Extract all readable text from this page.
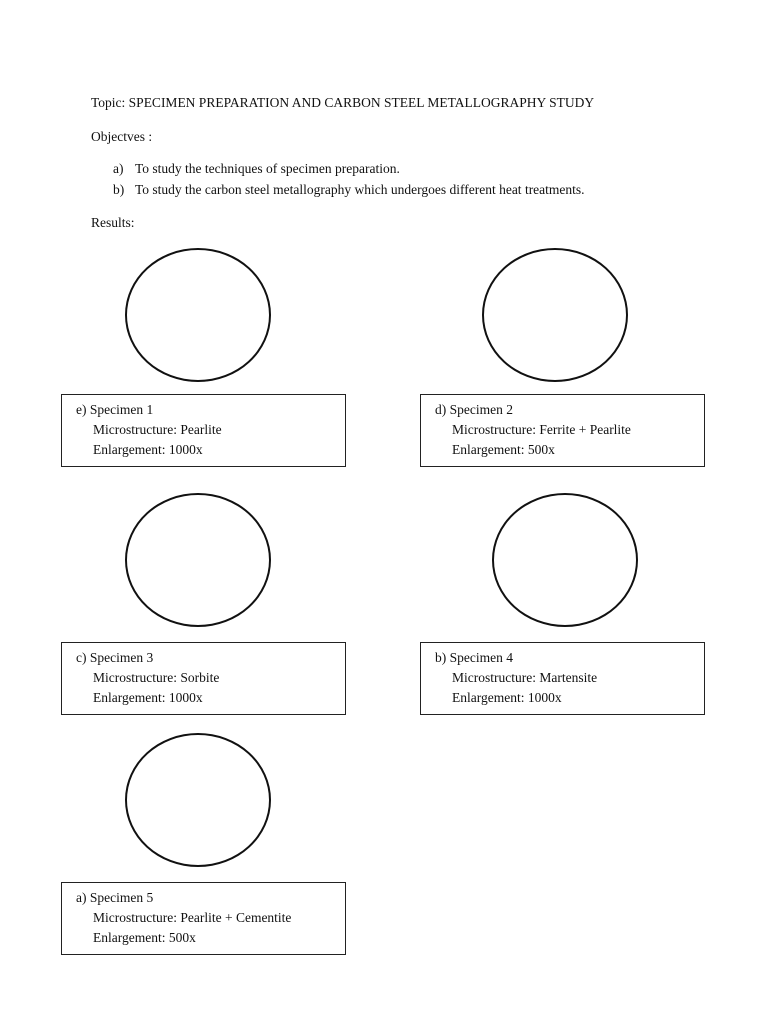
Topic: SPECIMEN PREPARATION AND CARBON STEEL METALLOGRAPHY STUDY
Objectves :
a) To study the techniques of specimen preparation.
b) To study the carbon steel metallography which undergoes different heat treatments.
Results:
e) Specimen 1
Microstructure: Pearlite
Enlargement: 1000x
d) Specimen 2
Microstructure: Ferrite + Pearlite
Enlargement: 500x
c) Specimen 3
Microstructure: Sorbite
Enlargement: 1000x
b) Specimen 4
Microstructure: Martensite
Enlargement: 1000x
a) Specimen 5
Microstructure: Pearlite + Cementite
Enlargement: 500x
